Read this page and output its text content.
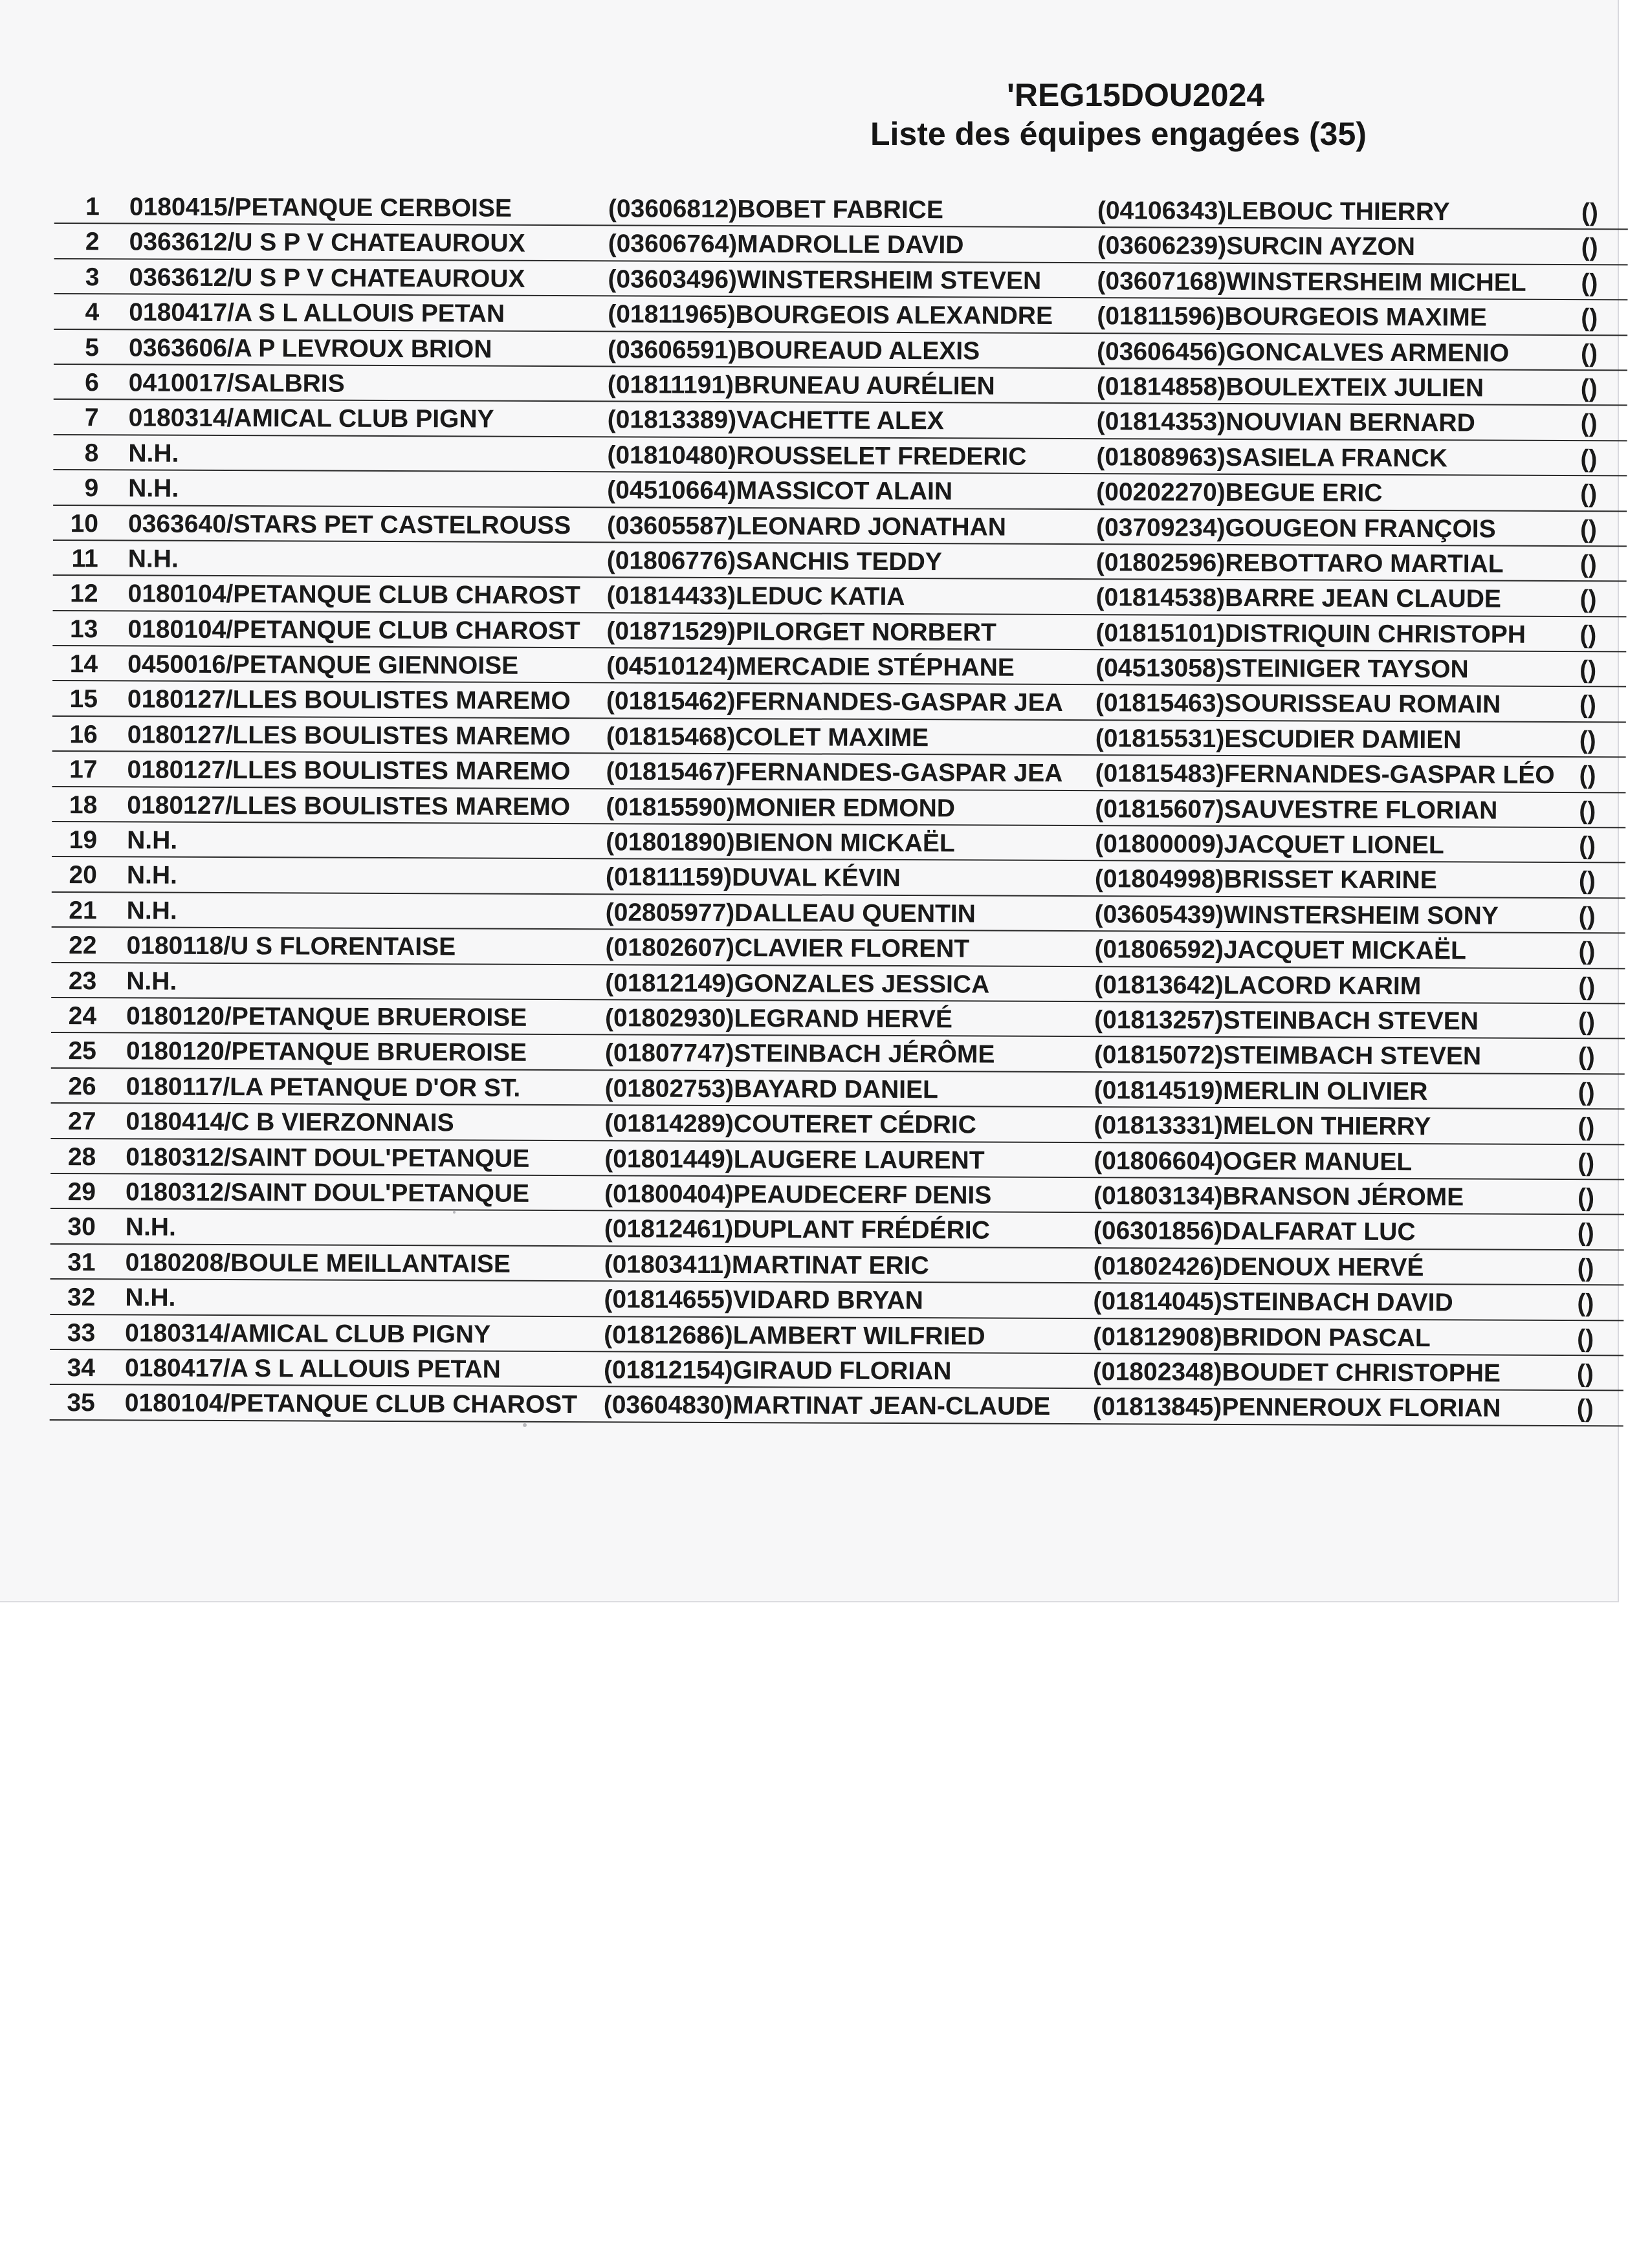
'REG15DOU2024
Liste des équipes engagées (35)
1 0180415/PETANQUE CERBOISE	(03606812)BOBET FABRICE	(04106343)LEBOUC THIERRY	()
2 0363612/U S P V CHATEAUROUX	(03606764)MADROLLE DAVID	(03606239)SURCIN AYZON	()
3 0363612/U S P V CHATEAUROUX	(03603496)WINSTERSHEIM STEVEN (03607168)WINSTERSHEIM MICHEL ()
4 0180417/A S L ALLOUIS PETAN	(01811965)BOURGEOIS ALEXANDRE (01811596)BOURGEOIS MAXIME	()
5 0363606/A P LEVROUX BRION	(03606591)BOUREAUD ALEXIS	(03606456)GONCALVES ARMENIO	()
6 0410017/SALBRIS	(01811191)BRUNEAU AURÉLIEN	(01814858)BOULEXTEIX JULIEN	()
7 0180314/AMICAL CLUB PIGNY	(01813389)VACHETTE ALEX	(01814353)NOUVIAN BERNARD	()
8 N.H.	(01810480)ROUSSELET FREDERIC	(01808963)SASIELA FRANCK	()
9 N.H.	(04510664)MASSICOT ALAIN	(00202270)BEGUE ERIC	()
10 0363640/STARS PET CASTELROUSS (03605587)LEONARD JONATHAN	(03709234)GOUGEON FRANÇOIS	()
11 N.H.	(01806776)SANCHIS TEDDY	(01802596)REBOTTARO MARTIAL	()
12 0180104/PETANQUE CLUB CHAROST (01814433)LEDUC KATIA	(01814538)BARRE JEAN CLAUDE	()
13 0180104/PETANQUE CLUB CHAROST (01871529)PILORGET NORBERT	(01815101)DISTRIQUIN CHRISTOPH ()
14 0450016/PETANQUE GIENNOISE	(04510124)MERCADIE STÉPHANE	(04513058)STEINIGER TAYSON	()
15 0180127/LLES BOULISTES MAREMO (01815462)FERNANDES-GASPAR JEA (01815463)SOURISSEAU ROMAIN	()
16 0180127/LLES BOULISTES MAREMO (01815468)COLET MAXIME	(01815531)ESCUDIER DAMIEN	()
17 0180127/LLES BOULISTES MAREMO (01815467)FERNANDES-GASPAR JEA (01815483)FERNANDES-GASPAR LÉO ()
18 0180127/LLES BOULISTES MAREMO (01815590)MONIER EDMOND	(01815607)SAUVESTRE FLORIAN	()
19 N.H.	(01801890)BIENON MICKAËL	(01800009)JACQUET LIONEL	()
20 N.H.	(01811159)DUVAL KÉVIN	(01804998)BRISSET KARINE	()
21 N.H.	(02805977)DALLEAU QUENTIN	(03605439)WINSTERSHEIM SONY	()
22 0180118/U S FLORENTAISE	(01802607)CLAVIER FLORENT	(01806592)JACQUET MICKAËL	()
23 N.H.	(01812149)GONZALES JESSICA	(01813642)LACORD KARIM	()
24 0180120/PETANQUE BRUEROISE	(01802930)LEGRAND HERVÉ	(01813257)STEINBACH STEVEN	()
25 0180120/PETANQUE BRUEROISE	(01807747)STEINBACH JÉRÔME	(01815072)STEIMBACH STEVEN	()
26 0180117/LA PETANQUE D'OR ST.	(01802753)BAYARD DANIEL	(01814519)MERLIN OLIVIER	()
27 0180414/C B VIERZONNAIS	(01814289)COUTERET CÉDRIC	(01813331)MELON THIERRY	()
28 0180312/SAINT DOUL'PETANQUE	(01801449)LAUGERE LAURENT	(01806604)OGER MANUEL	()
29 0180312/SAINT DOUL'PETANQUE	(01800404)PEAUDECERF DENIS	(01803134)BRANSON JÉROME	()
30 N.H.	(01812461)DUPLANT FRÉDÉRIC	(06301856)DALFARAT LUC	()
31 0180208/BOULE MEILLANTAISE	(01803411)MARTINAT ERIC	(01802426)DENOUX HERVÉ	()
32 N.H.	(01814655)VIDARD BRYAN	(01814045)STEINBACH DAVID	()
33 0180314/AMICAL CLUB PIGNY	(01812686)LAMBERT WILFRIED	(01812908)BRIDON PASCAL	()
34 0180417/A S L ALLOUIS PETAN	(01812154)GIRAUD FLORIAN	(01802348)BOUDET CHRISTOPHE	()
35 0180104/PETANQUE CLUB CHAROST (03604830)MARTINAT JEAN-CLAUDE (01813845)PENNEROUX FLORIAN	()
